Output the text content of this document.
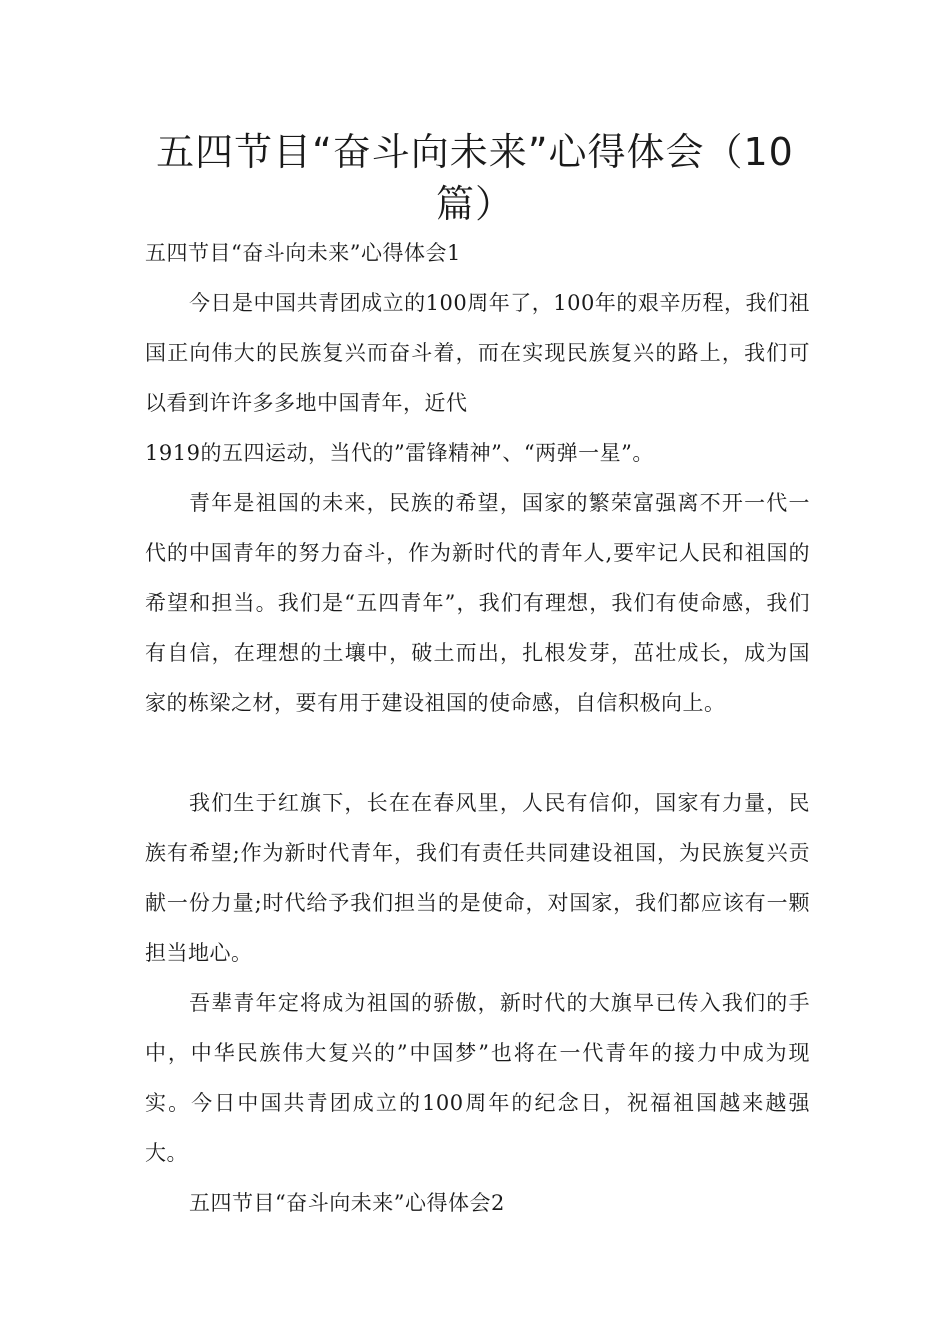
五四节目“奋斗向未来”心得体会（10篇）

五四节目“奋斗向未来”心得体会1

今日是中国共青团成立的100周年了，100年的艰辛历程，我们祖国正向伟大的民族复兴而奋斗着，而在实现民族复兴的路上，我们可以看到许许多多地中国青年，近代

1919的五四运动，当代的”雷锋精神”、“两弹一星”。

青年是祖国的未来，民族的希望，国家的繁荣富强离不开一代一代的中国青年的努力奋斗，作为新时代的青年人,要牢记人民和祖国的希望和担当。我们是“五四青年”，我们有理想，我们有使命感，我们有自信，在理想的土壤中，破土而出，扎根发芽，茁壮成长，成为国家的栋梁之材，要有用于建设祖国的使命感，自信积极向上。

我们生于红旗下，长在在春风里，人民有信仰，国家有力量，民族有希望;作为新时代青年，我们有责任共同建设祖国，为民族复兴贡献一份力量;时代给予我们担当的是使命，对国家，我们都应该有一颗担当地心。

吾辈青年定将成为祖国的骄傲，新时代的大旗早已传入我们的手中，中华民族伟大复兴的”中国梦”也将在一代青年的接力中成为现实。今日中国共青团成立的100周年的纪念日，祝福祖国越来越强大。

五四节目“奋斗向未来”心得体会2
